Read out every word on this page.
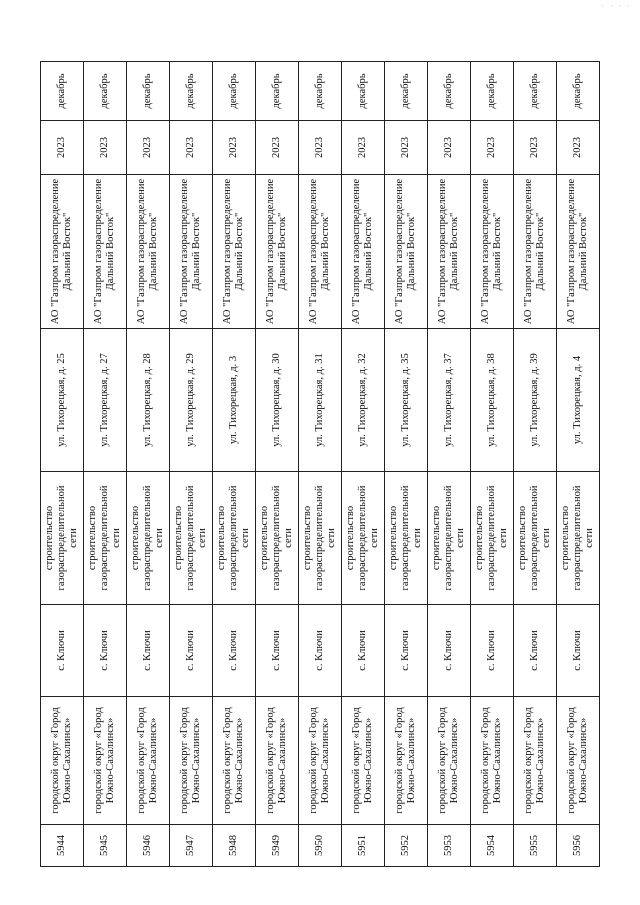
· · · ·
5944	городской округ «Город Южно-Сахалинск»	с. Ключи	строительство газораспределительной сети	ул. Тихорецкая, д. 25	АО "Газпром газораспределение Дальний Восток"	2023	декабрь
5945	городской округ «Город Южно-Сахалинск»	с. Ключи	строительство газораспределительной сети	ул. Тихорецкая, д. 27	АО "Газпром газораспределение Дальний Восток"	2023	декабрь
5946	городской округ «Город Южно-Сахалинск»	с. Ключи	строительство газораспределительной сети	ул. Тихорецкая, д. 28	АО "Газпром газораспределение Дальний Восток"	2023	декабрь
5947	городской округ «Город Южно-Сахалинск»	с. Ключи	строительство газораспределительной сети	ул. Тихорецкая, д. 29	АО "Газпром газораспределение Дальний Восток"	2023	декабрь
5948	городской округ «Город Южно-Сахалинск»	с. Ключи	строительство газораспределительной сети	ул. Тихорецкая, д. 3	АО "Газпром газораспределение Дальний Восток"	2023	декабрь
5949	городской округ «Город Южно-Сахалинск»	с. Ключи	строительство газораспределительной сети	ул. Тихорецкая, д. 30	АО "Газпром газораспределение Дальний Восток"	2023	декабрь
5950	городской округ «Город Южно-Сахалинск»	с. Ключи	строительство газораспределительной сети	ул. Тихорецкая, д. 31	АО "Газпром газораспределение Дальний Восток"	2023	декабрь
5951	городской округ «Город Южно-Сахалинск»	с. Ключи	строительство газораспределительной сети	ул. Тихорецкая, д. 32	АО "Газпром газораспределение Дальний Восток"	2023	декабрь
5952	городской округ «Город Южно-Сахалинск»	с. Ключи	строительство газораспределительной сети	ул. Тихорецкая, д. 35	АО "Газпром газораспределение Дальний Восток"	2023	декабрь
5953	городской округ «Город Южно-Сахалинск»	с. Ключи	строительство газораспределительной сети	ул. Тихорецкая, д. 37	АО "Газпром газораспределение Дальний Восток"	2023	декабрь
5954	городской округ «Город Южно-Сахалинск»	с. Ключи	строительство газораспределительной сети	ул. Тихорецкая, д. 38	АО "Газпром газораспределение Дальний Восток"	2023	декабрь
5955	городской округ «Город Южно-Сахалинск»	с. Ключи	строительство газораспределительной сети	ул. Тихорецкая, д. 39	АО "Газпром газораспределение Дальний Восток"	2023	декабрь
5956	городской округ «Город Южно-Сахалинск»	с. Ключи	строительство газораспределительной сети	ул. Тихорецкая, д. 4	АО "Газпром газораспределение Дальний Восток"	2023	декабрь
